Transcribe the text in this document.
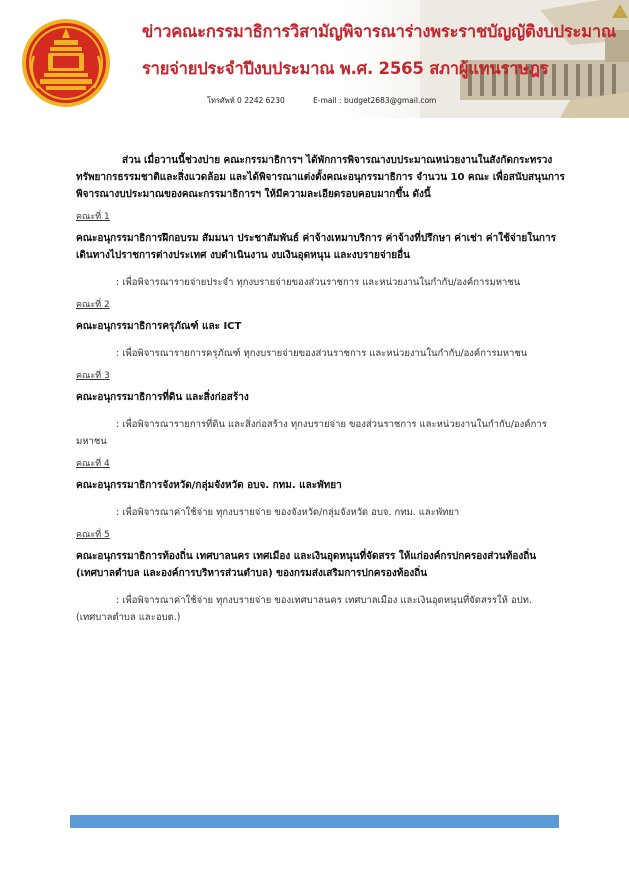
ข่าวคณะกรรมาธิการวิสามัญพิจารณาร่างพระราชบัญญัติงบประมาณ
รายจ่ายประจำปีงบประมาณ พ.ศ. 2565 สภาผู้แทนราษฎร
โทรศัพท์ 0 2242 6230	E-mail : budget2683@gmail.com

ส่วน เมื่อวานนี้ช่วงบ่าย คณะกรรมาธิการฯ ได้พักการพิจารณางบประมาณหน่วยงานในสังกัดกระทรวงทรัพยากรธรรมชาติและสิ่งแวดล้อม และได้พิจารณาแต่งตั้งคณะอนุกรรมาธิการ จำนวน 10 คณะ เพื่อสนับสนุนการพิจารณางบประมาณของคณะกรรมาธิการฯ ให้มีความละเอียดรอบคอบมากขึ้น ดังนี้

คณะที่ 1

คณะอนุกรรมาธิการฝึกอบรม สัมมนา ประชาสัมพันธ์ ค่าจ้างเหมาบริการ ค่าจ้างที่ปรึกษา ค่าเช่า ค่าใช้จ่ายในการเดินทางไปราชการต่างประเทศ งบดำเนินงาน งบเงินอุดหนุน และงบรายจ่ายอื่น

: เพื่อพิจารณารายจ่ายประจำ ทุกงบรายจ่ายของส่วนราชการ และหน่วยงานในกำกับ/องค์การมหาชน

คณะที่ 2

คณะอนุกรรมาธิการครุภัณฑ์ และ ICT

: เพื่อพิจารณารายการครุภัณฑ์ ทุกงบรายจ่ายของส่วนราชการ และหน่วยงานในกำกับ/องค์การมหาชน

คณะที่ 3

คณะอนุกรรมาธิการที่ดิน และสิ่งก่อสร้าง

: เพื่อพิจารณารายการที่ดิน และสิ่งก่อสร้าง ทุกงบรายจ่าย ของส่วนราชการ และหน่วยงานในกำกับ/องค์การมหาชน

คณะที่ 4

คณะอนุกรรมาธิการจังหวัด/กลุ่มจังหวัด อบจ. กทม. และพัทยา

: เพื่อพิจารณาค่าใช้จ่าย ทุกงบรายจ่าย ของจังหวัด/กลุ่มจังหวัด อบจ. กทม. และพัทยา

คณะที่ 5

คณะอนุกรรมาธิการท้องถิ่น เทศบาลนคร เทศเมือง และเงินอุดหนุนที่จัดสรร ให้แก่องค์กรปกครองส่วนท้องถิ่น (เทศบาลตำบล และองค์การบริหารส่วนตำบล) ของกรมส่งเสริมการปกครองท้องถิ่น

: เพื่อพิจารณาค่าใช้จ่าย ทุกงบรายจ่าย ของเทศบาลนคร เทศบาลเมือง และเงินอุดหนุนที่จัดสรรให้ อปท. (เทศบาลตำบล และอบต.)
